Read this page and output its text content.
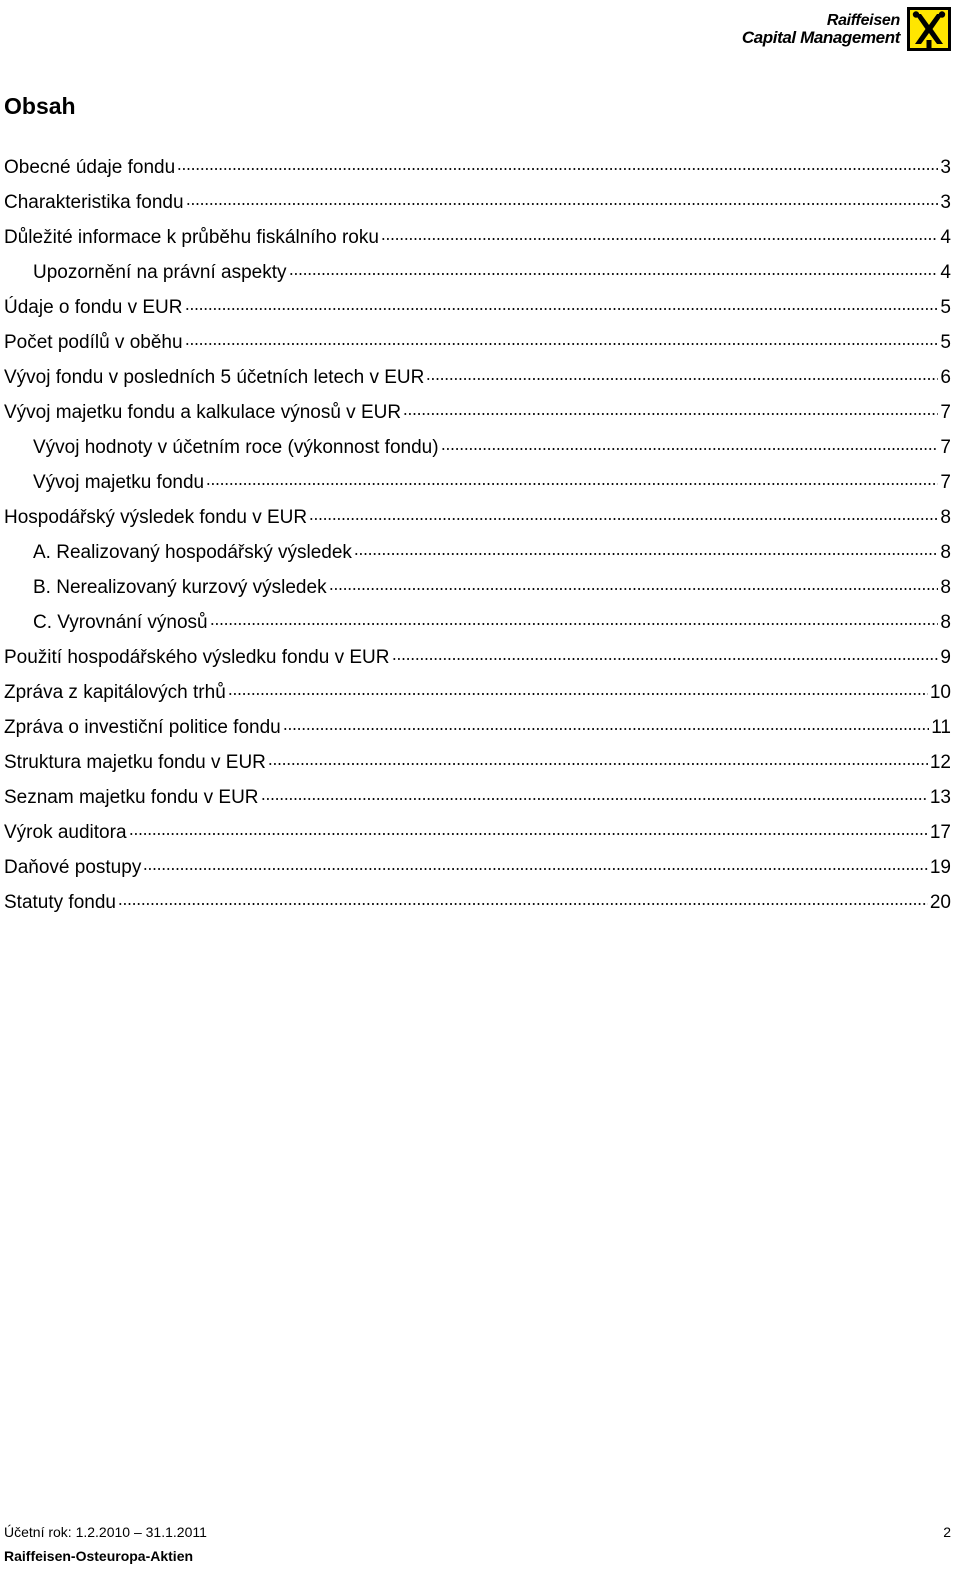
Raiffeisen
Capital Management
Obsah
Obecné údaje fondu	3
Charakteristika fondu	3
Důležité informace k průběhu fiskálního roku	4
Upozornění na právní aspekty	4
Údaje o fondu v EUR	5
Počet podílů v oběhu	5
Vývoj fondu v posledních 5 účetních letech v EUR	6
Vývoj majetku fondu a kalkulace výnosů v EUR	7
Vývoj hodnoty v účetním roce (výkonnost fondu)	7
Vývoj majetku fondu	7
Hospodářský výsledek fondu v EUR	8
A. Realizovaný hospodářský výsledek	8
B. Nerealizovaný kurzový výsledek	8
C. Vyrovnání výnosů	8
Použití hospodářského výsledku fondu v EUR	9
Zpráva z kapitálových trhů	10
Zpráva o investiční politice fondu	11
Struktura majetku fondu v EUR	12
Seznam majetku fondu v EUR	13
Výrok auditora	17
Daňové postupy	19
Statuty fondu	20
Účetní rok: 1.2.2010 – 31.1.2011	2
Raiffeisen-Osteuropa-Aktien
